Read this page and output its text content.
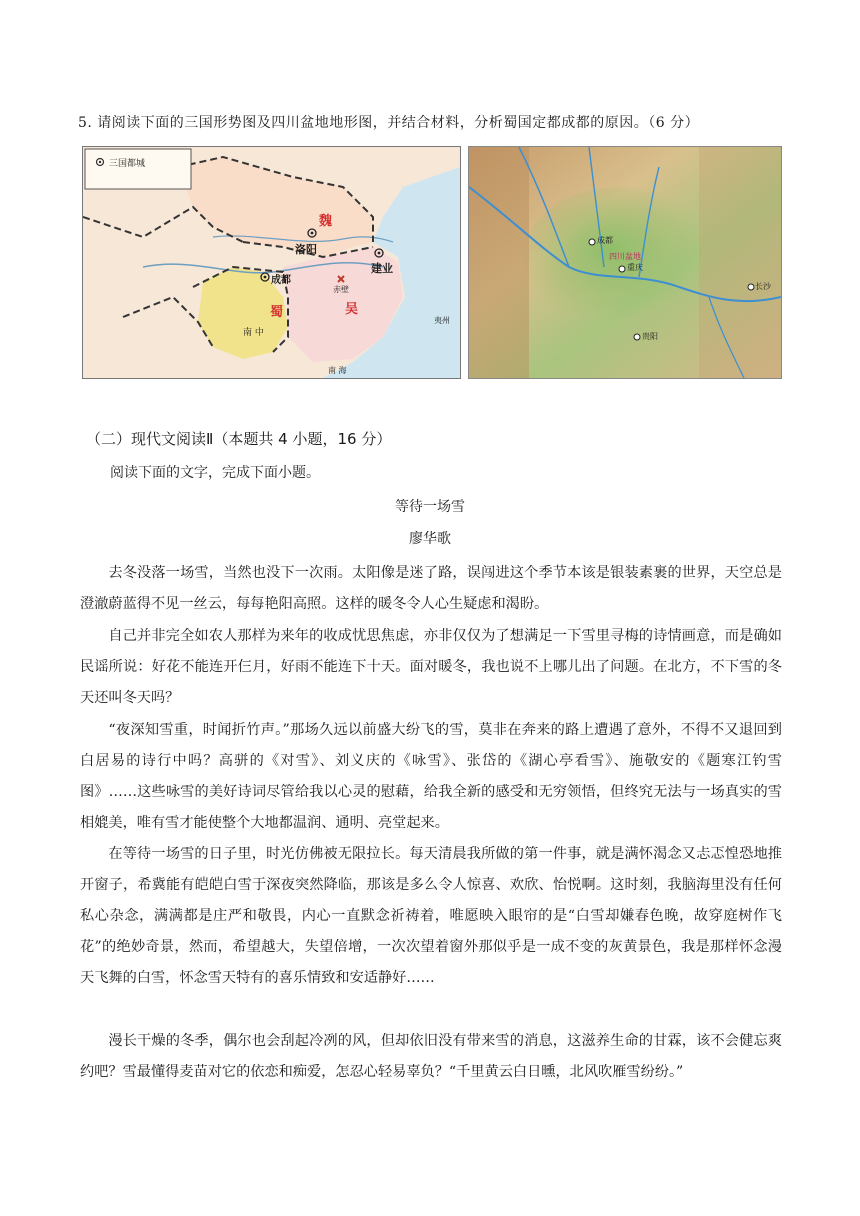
5. 请阅读下面的三国形势图及四川盆地地形图，并结合材料，分析蜀国定都成都的原因。（6 分）
三国都城
魏
洛阳
建业
成都
蜀	吴
赤壁
南 中
南 海
夷州
成都
重庆
贵阳
长沙
四川盆地
（二）现代文阅读Ⅱ（本题共 4 小题，16 分）
阅读下面的文字，完成下面小题。
等待一场雪
廖华歌

去冬没落一场雪，当然也没下一次雨。太阳像是迷了路，误闯进这个季节本该是银装素裹的世界，天空总是澄澈蔚蓝得不见一丝云，每每艳阳高照。这样的暖冬令人心生疑虑和渴盼。

自己并非完全如农人那样为来年的收成忧思焦虑，亦非仅仅为了想满足一下雪里寻梅的诗情画意，而是确如民谣所说：好花不能连开仨月，好雨不能连下十天。面对暖冬，我也说不上哪儿出了问题。在北方，不下雪的冬天还叫冬天吗？

“夜深知雪重，时闻折竹声。”那场久远以前盛大纷飞的雪，莫非在奔来的路上遭遇了意外，不得不又退回到白居易的诗行中吗？高骈的《对雪》、刘义庆的《咏雪》、张岱的《湖心亭看雪》、施敬安的《题寒江钓雪图》……这些咏雪的美好诗词尽管给我以心灵的慰藉，给我全新的感受和无穷领悟，但终究无法与一场真实的雪相媲美，唯有雪才能使整个大地都温润、通明、亮堂起来。

在等待一场雪的日子里，时光仿佛被无限拉长。每天清晨我所做的第一件事，就是满怀渴念又忐忑惶恐地推开窗子，希冀能有皑皑白雪于深夜突然降临，那该是多么令人惊喜、欢欣、怡悦啊。这时刻，我脑海里没有任何私心杂念，满满都是庄严和敬畏，内心一直默念祈祷着，唯愿映入眼帘的是“白雪却嫌春色晚，故穿庭树作飞花”的绝妙奇景，然而，希望越大，失望倍增，一次次望着窗外那似乎是一成不变的灰黄景色，我是那样怀念漫天飞舞的白雪，怀念雪天特有的喜乐情致和安适静好……

漫长干燥的冬季，偶尔也会刮起冷冽的风，但却依旧没有带来雪的消息，这滋养生命的甘霖，该不会健忘爽约吧？雪最懂得麦苗对它的依恋和痴爱，怎忍心轻易辜负？“千里黄云白日曛，北风吹雁雪纷纷。”
